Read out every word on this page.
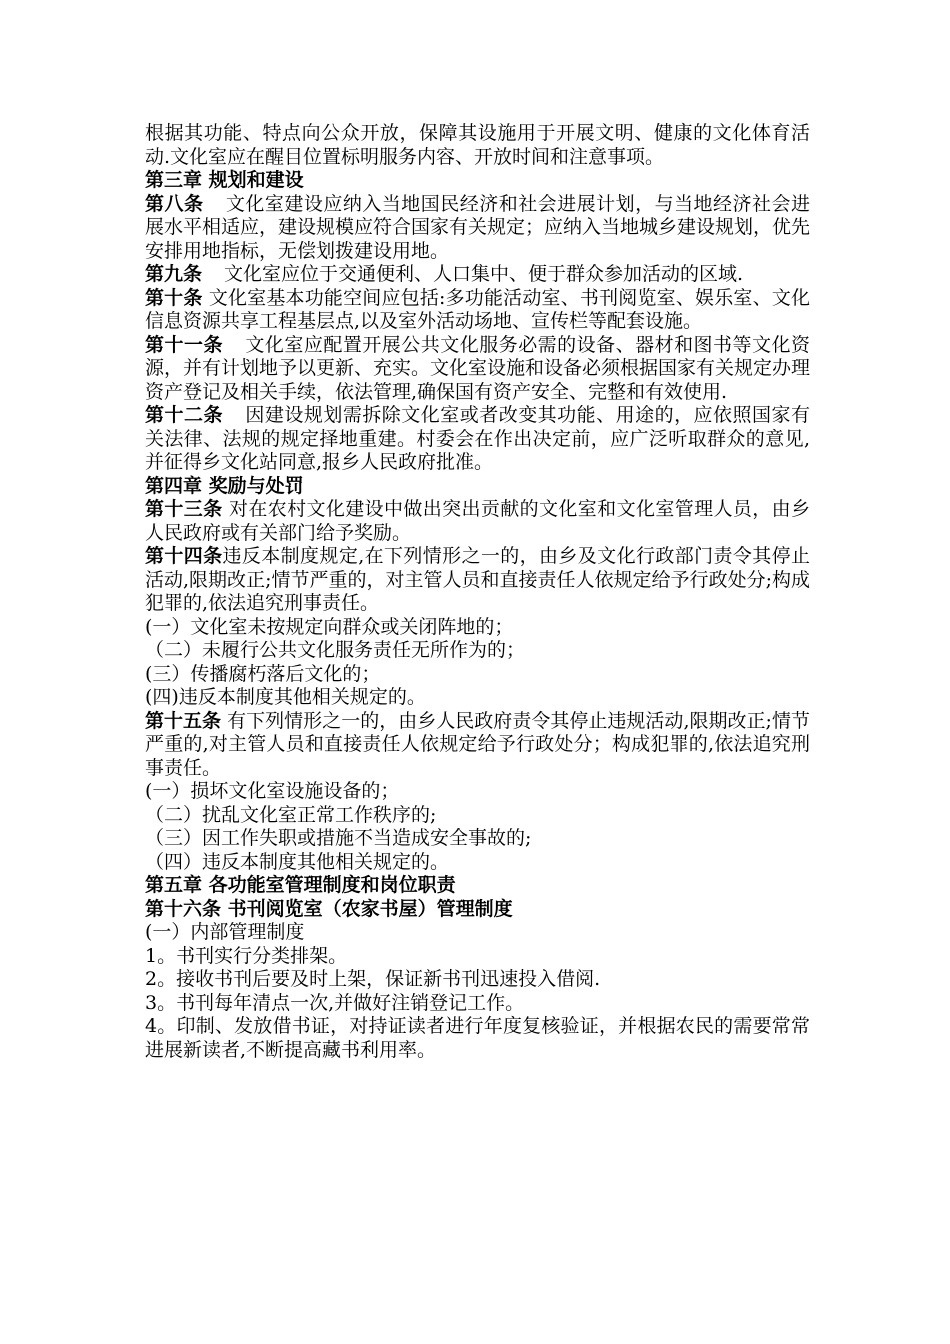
根据其功能、特点向公众开放，保障其设施用于开展文明、健康的文化体育活动.文化室应在醒目位置标明服务内容、开放时间和注意事项。

第三章 规划和建设

第八条 文化室建设应纳入当地国民经济和社会进展计划，与当地经济社会进展水平相适应，建设规模应符合国家有关规定；应纳入当地城乡建设规划，优先安排用地指标，无偿划拨建设用地。

第九条 文化室应位于交通便利、人口集中、便于群众参加活动的区域.

第十条 文化室基本功能空间应包括:多功能活动室、书刊阅览室、娱乐室、文化信息资源共享工程基层点,以及室外活动场地、宣传栏等配套设施。

第十一条 文化室应配置开展公共文化服务必需的设备、器材和图书等文化资源，并有计划地予以更新、充实。文化室设施和设备必须根据国家有关规定办理资产登记及相关手续，依法管理,确保国有资产安全、完整和有效使用.

第十二条 因建设规划需拆除文化室或者改变其功能、用途的，应依照国家有关法律、法规的规定择地重建。村委会在作出决定前，应广泛听取群众的意见,并征得乡文化站同意,报乡人民政府批准。

第四章 奖励与处罚

第十三条 对在农村文化建设中做出突出贡献的文化室和文化室管理人员，由乡人民政府或有关部门给予奖励。

第十四条违反本制度规定,在下列情形之一的，由乡及文化行政部门责令其停止活动,限期改正;情节严重的，对主管人员和直接责任人依规定给予行政处分;构成犯罪的,依法追究刑事责任。

(一）文化室未按规定向群众或关闭阵地的；

（二）未履行公共文化服务责任无所作为的；

(三）传播腐朽落后文化的；

(四)违反本制度其他相关规定的。

第十五条 有下列情形之一的，由乡人民政府责令其停止违规活动,限期改正;情节严重的,对主管人员和直接责任人依规定给予行政处分；构成犯罪的,依法追究刑事责任。

(一）损坏文化室设施设备的；

（二）扰乱文化室正常工作秩序的;

（三）因工作失职或措施不当造成安全事故的;

（四）违反本制度其他相关规定的。

第五章 各功能室管理制度和岗位职责

第十六条 书刊阅览室（农家书屋）管理制度

(一）内部管理制度

1。书刊实行分类排架。

2。接收书刊后要及时上架，保证新书刊迅速投入借阅.

3。书刊每年清点一次,并做好注销登记工作。

4。印制、发放借书证，对持证读者进行年度复核验证，并根据农民的需要常常进展新读者,不断提高藏书利用率。
